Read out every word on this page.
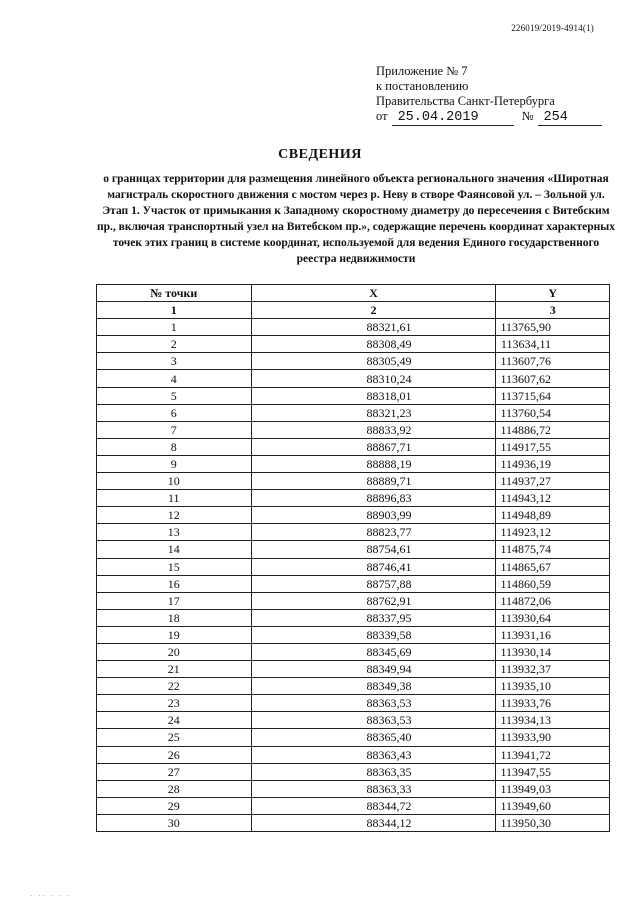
226019/2019-4914(1)
Приложение № 7
к постановлению
Правительства Санкт-Петербурга
от 25.04.2019	№ 254
СВЕДЕНИЯ
о границах территории для размещения линейного объекта регионального значения «Широтная магистраль скоростного движения с мостом через р. Неву в створе Фаянсовой ул. – Зольной ул. Этап 1. Участок от примыкания к Западному скоростному диаметру до пересечения с Витебским пр., включая транспортный узел на Витебском пр.», содержащие перечень координат характерных точек этих границ в системе координат, используемой для ведения Единого государственного реестра недвижимости
№ точки	X	Y
1	2	3
1	88321,61	113765,90
2	88308,49	113634,11
3	88305,49	113607,76
4	88310,24	113607,62
5	88318,01	113715,64
6	88321,23	113760,54
7	88833,92	114886,72
8	88867,71	114917,55
9	88888,19	114936,19
10	88889,71	114937,27
11	88896,83	114943,12
12	88903,99	114948,89
13	88823,77	114923,12
14	88754,61	114875,74
15	88746,41	114865,67
16	88757,88	114860,59
17	88762,91	114872,06
18	88337,95	113930,64
19	88339,58	113931,16
20	88345,69	113930,14
21	88349,94	113932,37
22	88349,38	113935,10
23	88363,53	113933,76
24	88363,53	113934,13
25	88365,40	113933,90
26	88363,43	113941,72
27	88363,35	113947,55
28	88363,33	113949,03
29	88344,72	113949,60
30	88344,12	113950,30
· ·· · · ·
